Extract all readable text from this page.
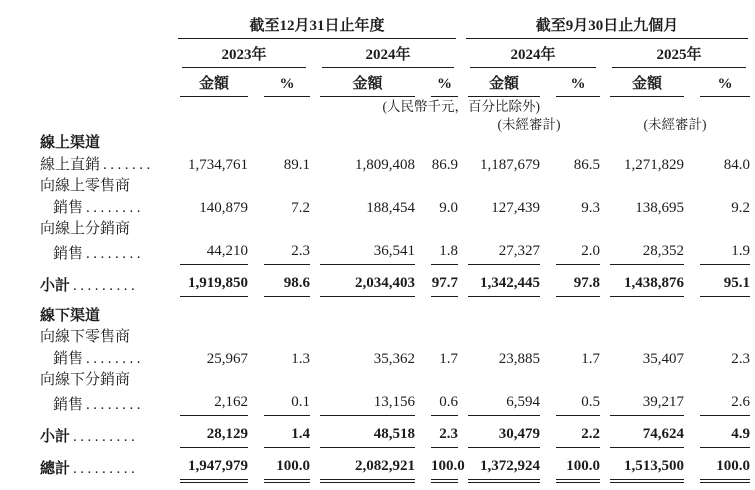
	截至12月31日止年度				截至9月30日止九個月			

	2023年		2024年		2024年		2025年	

	金額	%	金額	%	金額	%	金額	%

		(人民幣千元，百分比除外)						

					(未經審計)		(未經審計)	

線上渠道								
線上直銷 .......	1,734,761	89.1	1,809,408	86.9	1,187,679	86.5	1,271,829	84.0

向線上零售商								
銷售 ........	140,879	7.2	188,454	9.0	127,439	9.3	138,695	9.2

向線上分銷商								
銷售 ........	44,210	2.3	36,541	1.8	27,327	2.0	28,352	1.9

小計 .........	1,919,850	98.6	2,034,403	97.7	1,342,445	97.8	1,438,876	95.1

線下渠道								
向線下零售商								
銷售 ........	25,967	1.3	35,362	1.7	23,885	1.7	35,407	2.3

向線下分銷商								
銷售 ........	2,162	0.1	13,156	0.6	6,594	0.5	39,217	2.6

小計 .........	28,129	1.4	48,518	2.3	30,479	2.2	74,624	4.9

總計 .........	1,947,979	100.0	2,082,921	100.0	1,372,924	100.0	1,513,500	100.0
